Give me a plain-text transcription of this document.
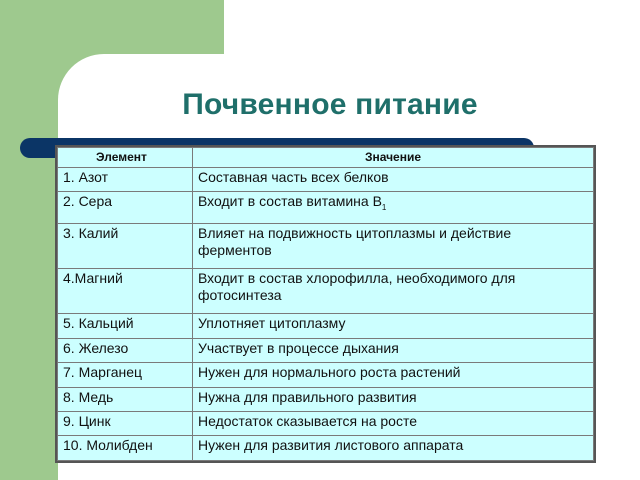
Почвенное питание
Элемент	Значение
1. Азот	Составная часть всех белков
2. Сера	Входит в состав витамина $В_1$
3. Калий	Влияет на подвижность цитоплазмы и действие ферментов
4.Магний	Входит в состав хлорофилла, необходимого для фотосинтеза
5. Кальций	Уплотняет цитоплазму
6. Железо	Участвует в процессе дыхания
7. Марганец	Нужен для нормального роста растений
8. Медь	Нужна для правильного развития
9. Цинк	Недостаток сказывается на росте
10. Молибден	Нужен для развития листового аппарата
